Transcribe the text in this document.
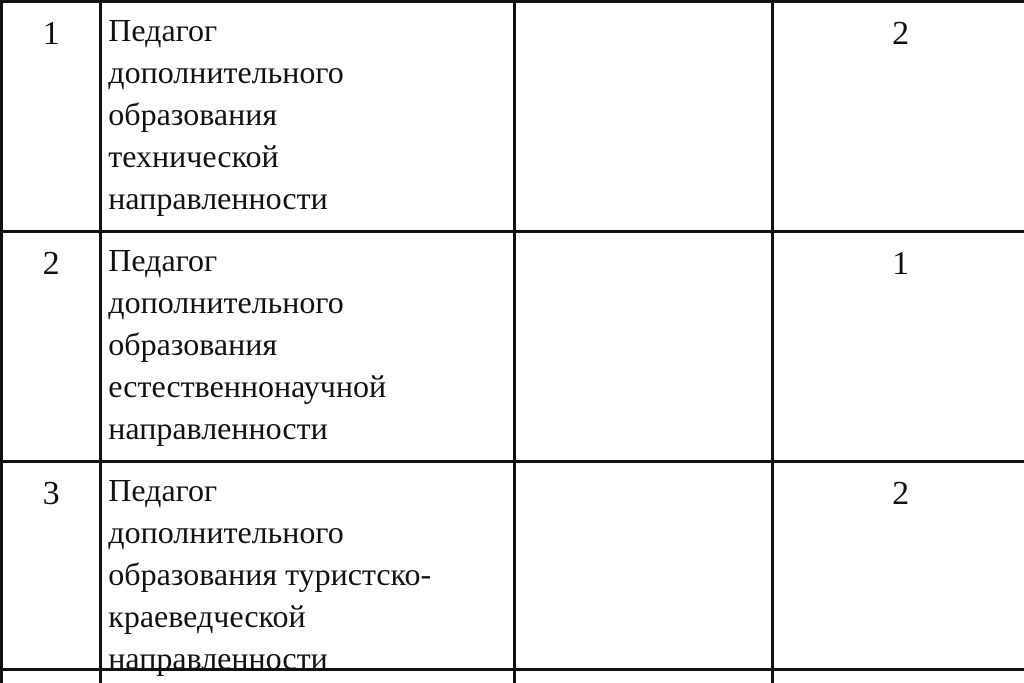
1	Педагог
дополнительного
образования
технической
направленности		2
2	Педагог
дополнительного
образования
естественнонаучной
направленности		1
3	Педагог
дополнительного
образования туристско-
краеведческой
направленности		2
